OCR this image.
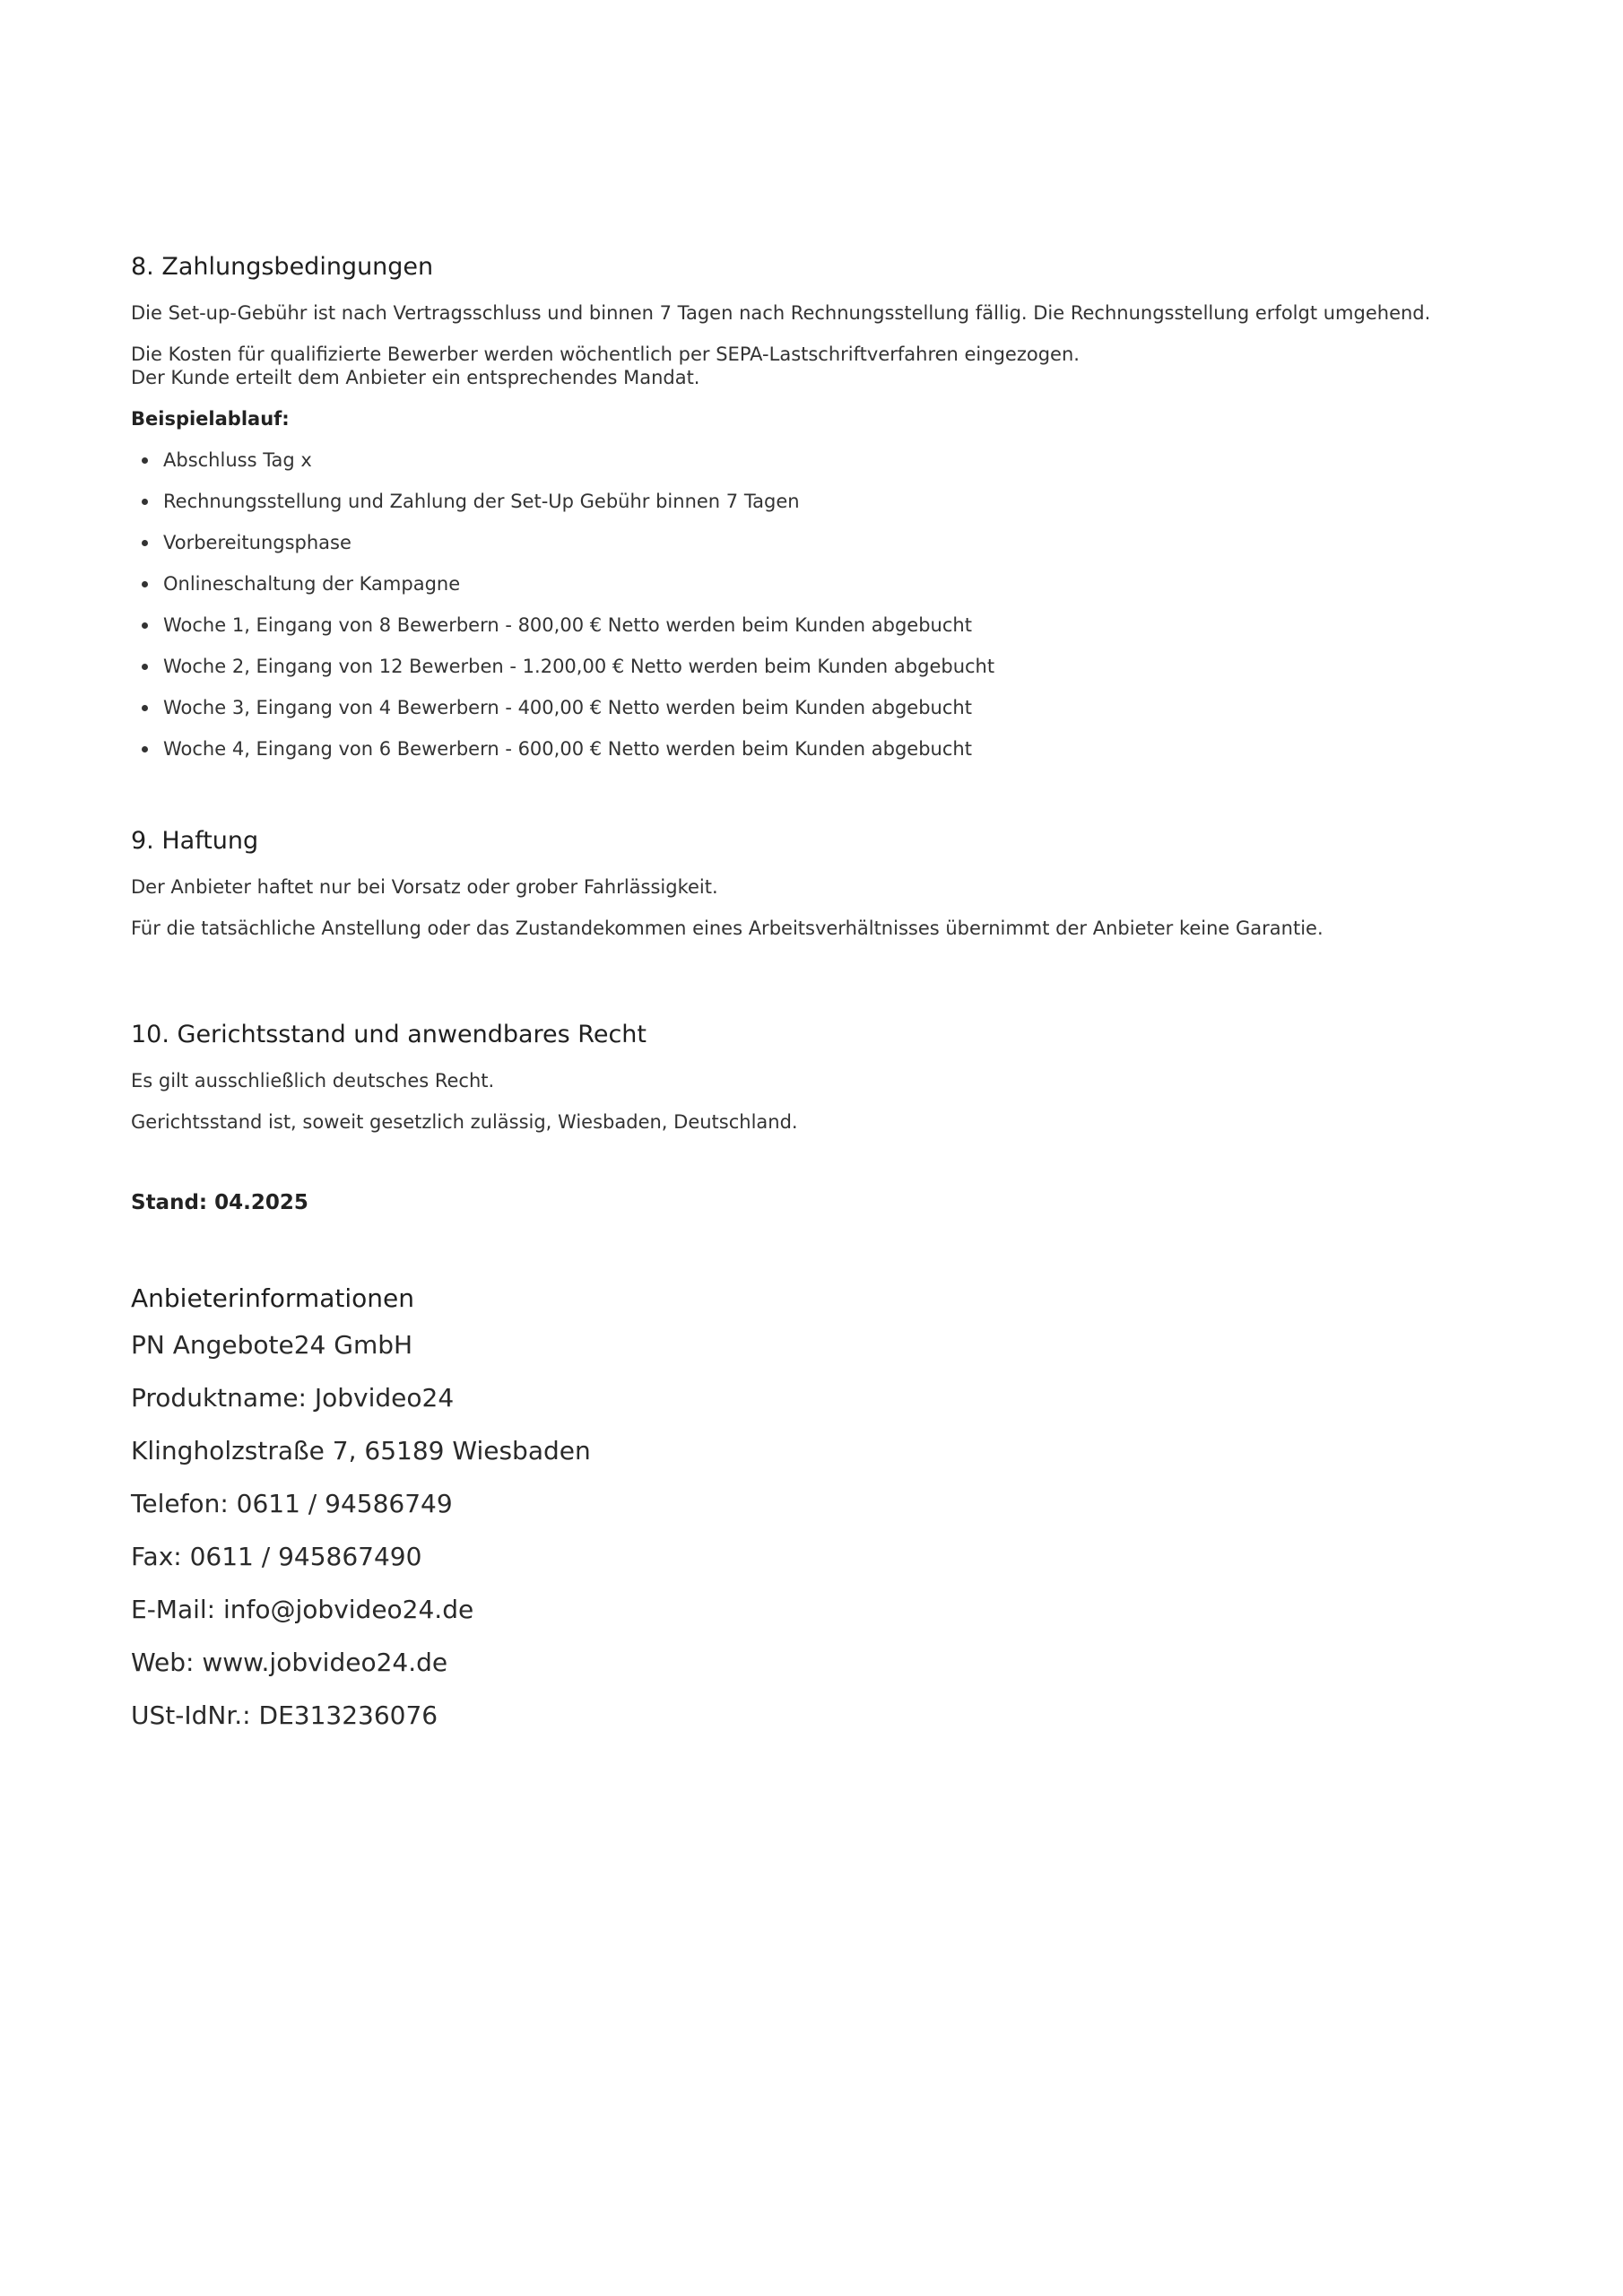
8. Zahlungsbedingungen

Die Set-up-Gebühr ist nach Vertragsschluss und binnen 7 Tagen nach Rechnungsstellung fällig. Die Rechnungsstellung erfolgt umgehend.

Die Kosten für qualifizierte Bewerber werden wöchentlich per SEPA-Lastschriftverfahren eingezogen.

Der Kunde erteilt dem Anbieter ein entsprechendes Mandat.

Beispielablauf:

Abschluss Tag x
Rechnungsstellung und Zahlung der Set-Up Gebühr binnen 7 Tagen
Vorbereitungsphase
Onlineschaltung der Kampagne
Woche 1, Eingang von 8 Bewerbern - 800,00 € Netto werden beim Kunden abgebucht
Woche 2, Eingang von 12 Bewerben - 1.200,00 € Netto werden beim Kunden abgebucht
Woche 3, Eingang von 4 Bewerbern - 400,00 € Netto werden beim Kunden abgebucht
Woche 4, Eingang von 6 Bewerbern - 600,00 € Netto werden beim Kunden abgebucht
9. Haftung

Der Anbieter haftet nur bei Vorsatz oder grober Fahrlässigkeit.

Für die tatsächliche Anstellung oder das Zustandekommen eines Arbeitsverhältnisses übernimmt der Anbieter keine Garantie.

10. Gerichtsstand und anwendbares Recht

Es gilt ausschließlich deutsches Recht.

Gerichtsstand ist, soweit gesetzlich zulässig, Wiesbaden, Deutschland.

Stand: 04.2025

Anbieterinformationen

PN Angebote24 GmbH

Produktname: Jobvideo24

Klingholzstraße 7, 65189 Wiesbaden

Telefon: 0611 / 94586749

Fax: 0611 / 945867490

E-Mail: info@jobvideo24.de

Web: www.jobvideo24.de

USt-IdNr.: DE313236076
